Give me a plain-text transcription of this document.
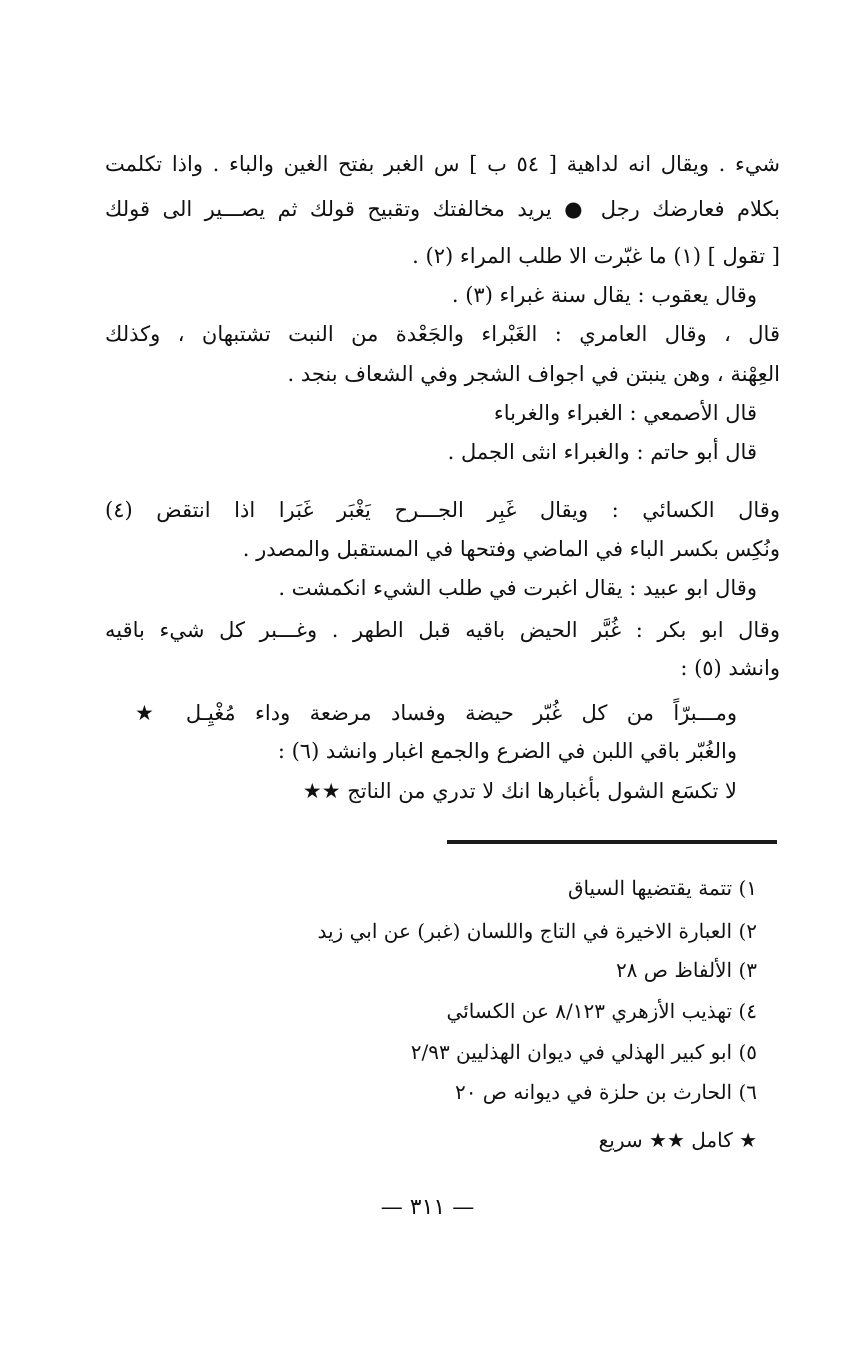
شيء . ويقال انه لداهية [ ٥٤ ب ] س الغبر بفتح الغين والباء . واذا تكلمت
بكلام فعارضك رجل ● يريد مخالفتك وتقبيح قولك ثم يصـــير الى قولك
[ تقول ] (١) ما غبّرت الا طلب المراء (٢) .
وقال يعقوب : يقال سنة غبراء (٣) .
قال ، وقال العامري : الغَبْراء والجَعْدة من النبت تشتبهان ، وكذلك
العِهْنة ، وهن ينبتن في اجواف الشجر وفي الشعاف بنجد .
قال الأصمعي : الغبراء والغرباء
قال أبو حاتم : والغبراء انثى الجمل .
وقال الكسائي : ويقال غَبِر الجـــرح يَغْبَر غَبَرا اذا انتقض (٤)
ونُكِس بكسر الباء في الماضي وفتحها في المستقبل والمصدر .
وقال ابو عبيد : يقال اغبرت في طلب الشيء انكمشت .
وقال ابو بكر : غُبَّر الحيض باقيه قبل الطهر . وغـــبر كل شيء باقيه
وانشد (٥) :
ومـــبرّاً من كل غُبّر حيضة وفساد مرضعة وداء مُغْيِـل ★
والغُبّر باقي اللبن في الضرع والجمع اغبار وانشد (٦) :
لا تكسَع الشول بأغبارها انك لا تدري من الناتج ★★
١) تتمة يقتضيها السياق
٢) العبارة الاخيرة في التاج واللسان (غبر) عن ابي زيد
٣) الألفاظ ص ٢٨
٤) تهذيب الأزهري ٨/١٢٣ عن الكسائي
٥) ابو كبير الهذلي في ديوان الهذليين ٢/٩٣
٦) الحارث بن حلزة في ديوانه ص ٢٠
★ كامل ★★ سريع
— ٣١١ —
